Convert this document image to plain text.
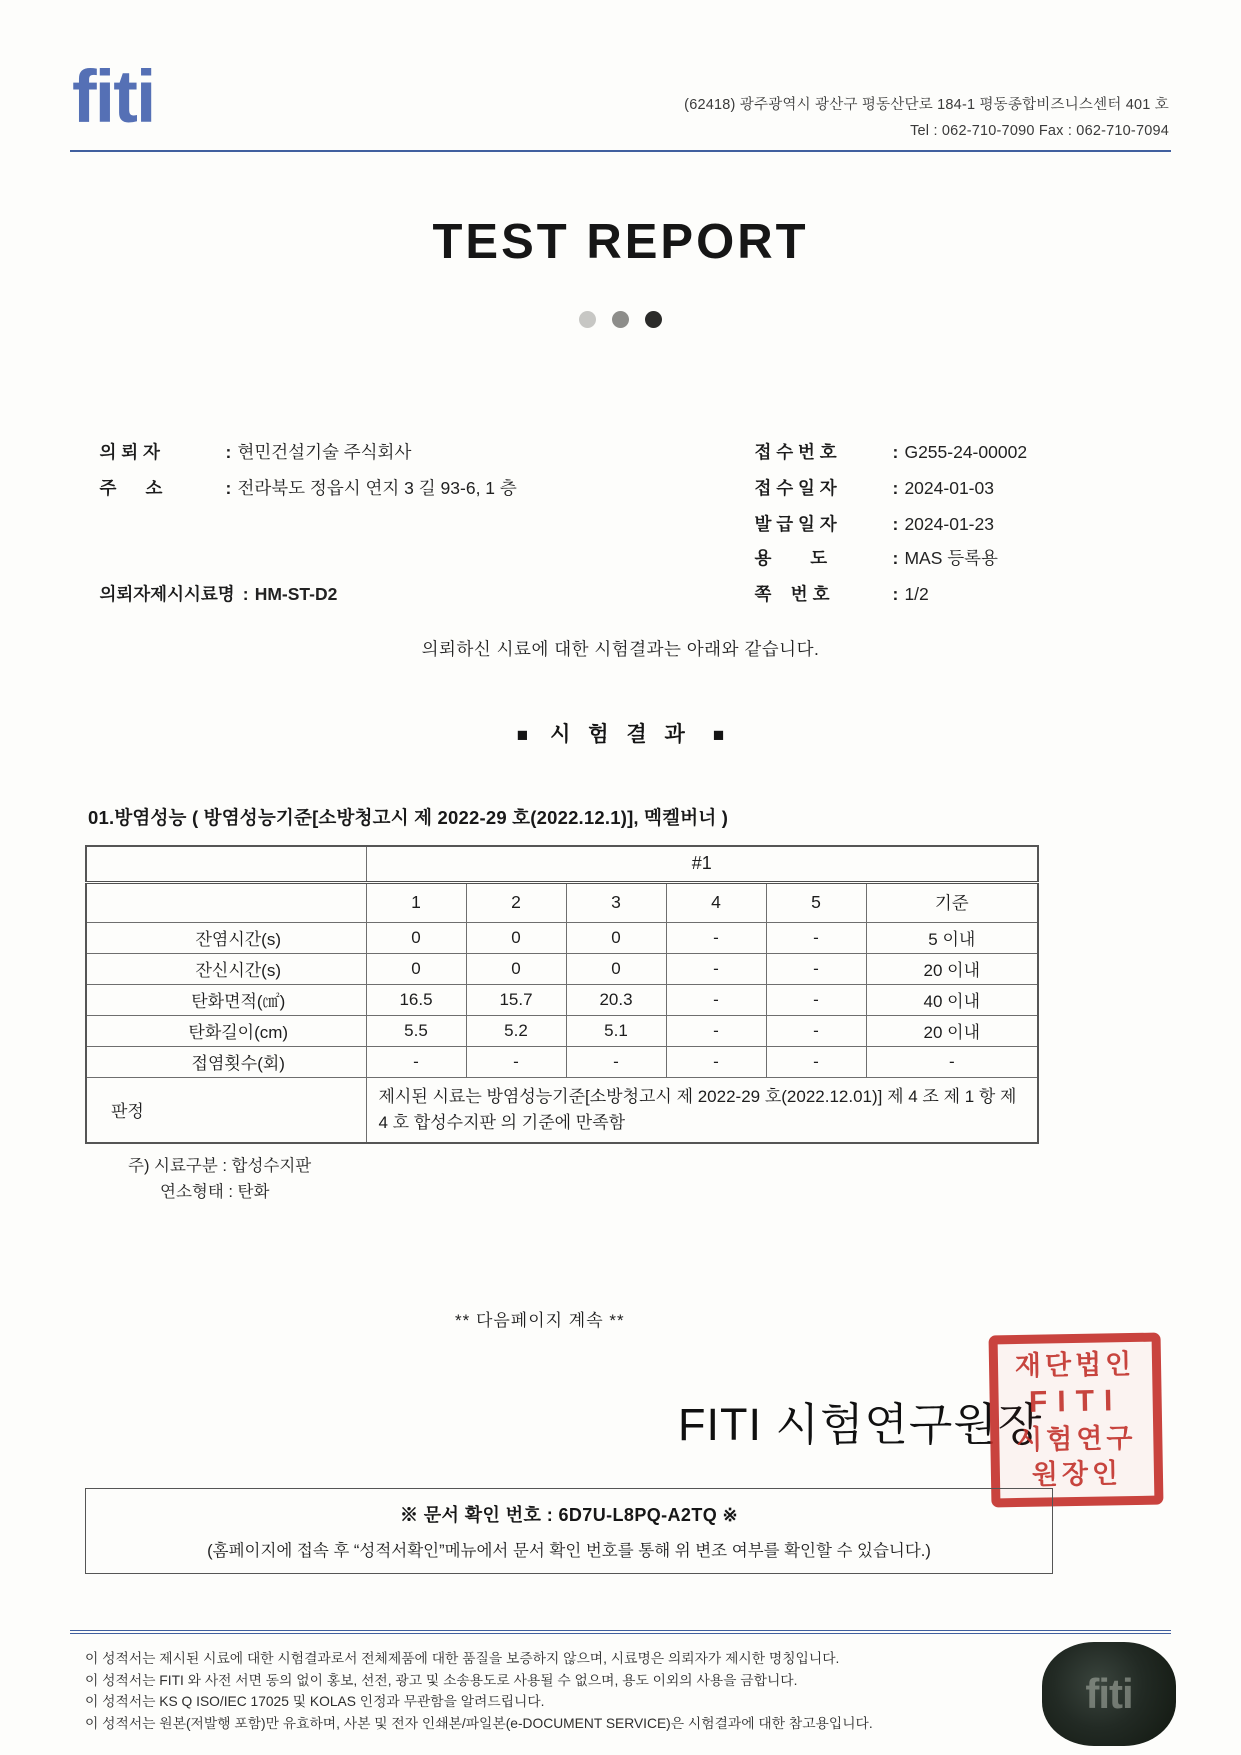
fiti	(62418) 광주광역시 광산구 평동산단로 184-1 평동종합비즈니스센터 401 호
Tel : 062-710-7090 Fax : 062-710-7094
TEST REPORT

의 뢰 자	: 현민건설기술 주식회사

주      소	: 전라북도 정읍시 연지 3 길 93-6, 1 층

의뢰자제시시료명 : HM-ST-D2

접 수 번 호	: G255-24-00002

접 수 일 자	: 2024-01-03

발 급 일 자	: 2024-01-23

용        도	: MAS 등록용

쪽    번 호	: 1/2

의뢰하신 시료에 대한 시험결과는 아래와 같습니다.
■ 시 험 결 과 ■
01.방염성능 ( 방염성능기준[소방청고시 제 2022-29 호(2022.12.1)], 멕켈버너 )
	#1					
	1	2	3	4	5	기준
잔염시간(s)	0	0	0	-	-	5 이내
잔신시간(s)	0	0	0	-	-	20 이내
탄화면적(㎠)	16.5	15.7	20.3	-	-	40 이내
탄화길이(cm)	5.5	5.2	5.1	-	-	20 이내
접염횟수(회)	-	-	-	-	-	-
판정	제시된 시료는 방염성능기준[소방청고시 제 2022-29 호(2022.12.01)] 제 4 조 제 1 항 제 4 호 합성수지판 의 기준에 만족함					
주) 시료구분 : 합성수지판
연소형태 : 탄화
** 다음페이지 계속 **
FITI 시험연구원장
재단법인
FITI
시험연구
원장인
※ 문서 확인 번호 : 6D7U-L8PQ-A2TQ ※
(홈페이지에 접속 후 “성적서확인”메뉴에서 문서 확인 번호를 통해 위 변조 여부를 확인할 수 있습니다.)
이 성적서는 제시된 시료에 대한 시험결과로서 전체제품에 대한 품질을 보증하지 않으며, 시료명은 의뢰자가 제시한 명칭입니다.
이 성적서는 FITI 와 사전 서면 동의 없이 홍보, 선전, 광고 및 소송용도로 사용될 수 없으며, 용도 이외의 사용을 금합니다.
이 성적서는 KS Q ISO/IEC 17025 및 KOLAS 인정과 무관함을 알려드립니다.
이 성적서는 원본(저발행 포함)만 유효하며, 사본 및 전자 인쇄본/파일본(e-DOCUMENT SERVICE)은 시험결과에 대한 참고용입니다.
fiti
